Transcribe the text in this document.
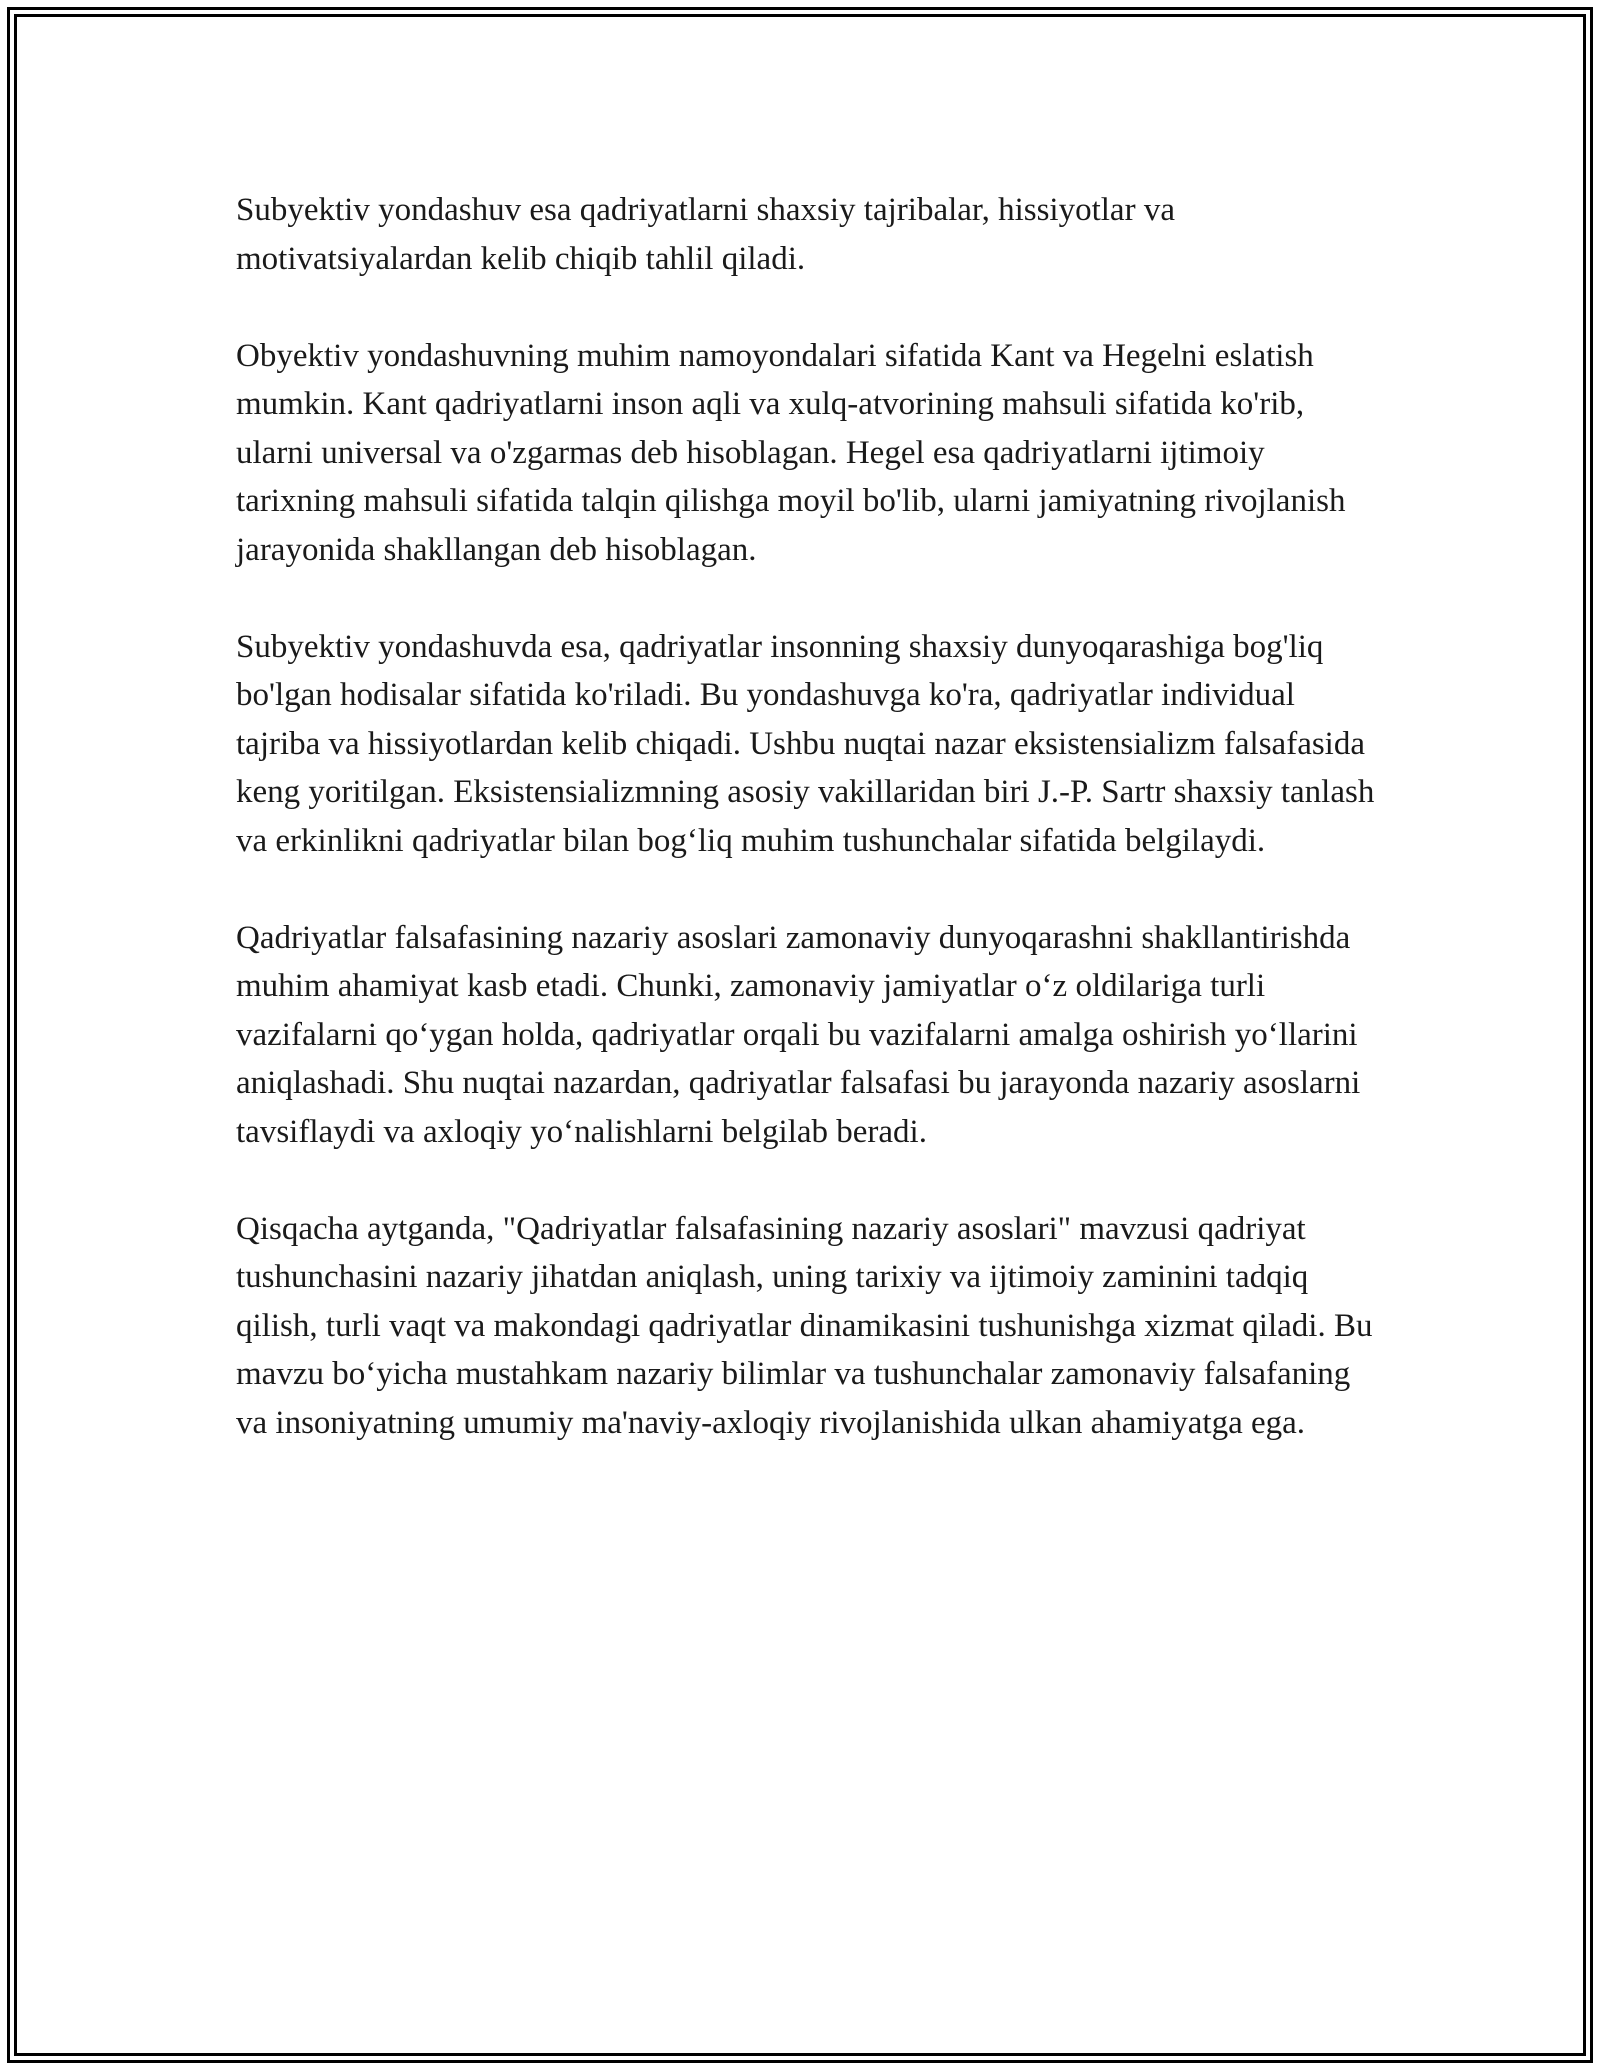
Subyektiv yondashuv esa qadriyatlarni shaxsiy tajribalar, hissiyotlar va motivatsiyalardan kelib chiqib tahlil qiladi.

Obyektiv yondashuvning muhim namoyondalari sifatida Kant va Hegelni eslatish mumkin. Kant qadriyatlarni inson aqli va xulq-atvorining mahsuli sifatida ko'rib, ularni universal va o'zgarmas deb hisoblagan. Hegel esa qadriyatlarni ijtimoiy tarixning mahsuli sifatida talqin qilishga moyil bo'lib, ularni jamiyatning rivojlanish jarayonida shakllangan deb hisoblagan.

Subyektiv yondashuvda esa, qadriyatlar insonning shaxsiy dunyoqarashiga bog'liq bo'lgan hodisalar sifatida ko'riladi. Bu yondashuvga ko'ra, qadriyatlar individual tajriba va hissiyotlardan kelib chiqadi. Ushbu nuqtai nazar eksistensializm falsafasida keng yoritilgan. Eksistensializmning asosiy vakillaridan biri J.-P. Sartr shaxsiy tanlash va erkinlikni qadriyatlar bilan bog‘liq muhim tushunchalar sifatida belgilaydi.

Qadriyatlar falsafasining nazariy asoslari zamonaviy dunyoqarashni shakllantirishda muhim ahamiyat kasb etadi. Chunki, zamonaviy jamiyatlar o‘z oldilariga turli vazifalarni qo‘ygan holda, qadriyatlar orqali bu vazifalarni amalga oshirish yo‘llarini aniqlashadi. Shu nuqtai nazardan, qadriyatlar falsafasi bu jarayonda nazariy asoslarni tavsiflaydi va axloqiy yo‘nalishlarni belgilab beradi.

Qisqacha aytganda, "Qadriyatlar falsafasining nazariy asoslari" mavzusi qadriyat tushunchasini nazariy jihatdan aniqlash, uning tarixiy va ijtimoiy zaminini tadqiq qilish, turli vaqt va makondagi qadriyatlar dinamikasini tushunishga xizmat qiladi. Bu mavzu bo‘yicha mustahkam nazariy bilimlar va tushunchalar zamonaviy falsafaning va insoniyatning umumiy ma'naviy-axloqiy rivojlanishida ulkan ahamiyatga ega.
